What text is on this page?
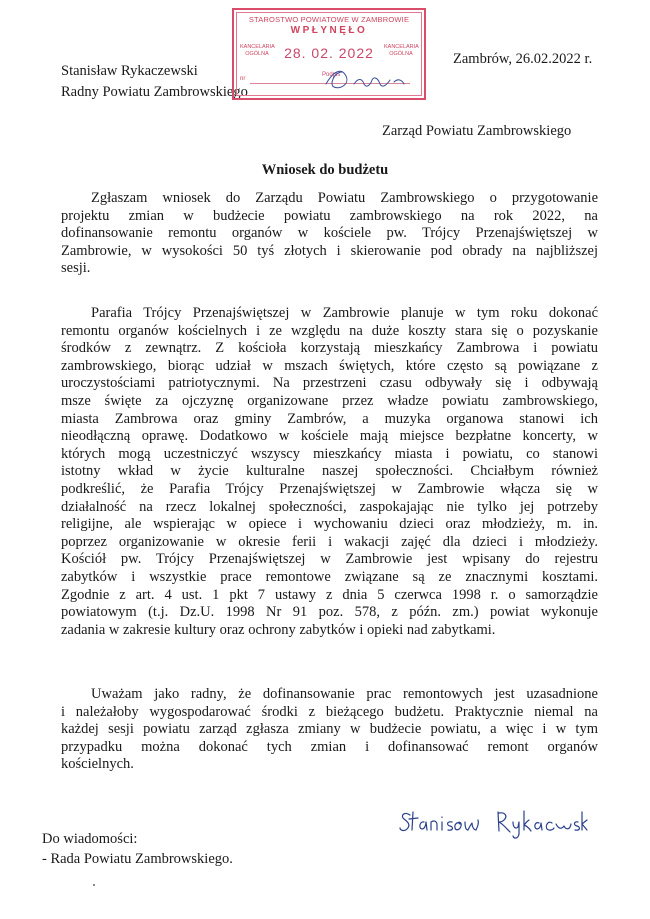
Stanisław Rykaczewski
Radny Powiatu Zambrowskiego
Zambrów, 26.02.2022 r.
Zarząd Powiatu Zambrowskiego
Wniosek do budżetu
Zgłaszam wniosek do Zarządu Powiatu Zambrowskiego o przygotowanie
projektu zmian w budżecie powiatu zambrowskiego na rok 2022, na
dofinansowanie remontu organów w kościele pw. Trójcy Przenajświętszej w
Zambrowie, w wysokości 50 tyś złotych i skierowanie pod obrady na najbliższej
sesji.
Parafia Trójcy Przenajświętszej w Zambrowie planuje w tym roku dokonać
remontu organów kościelnych i ze względu na duże koszty stara się o pozyskanie
środków z zewnątrz. Z kościoła korzystają mieszkańcy Zambrowa i powiatu
zambrowskiego, biorąc udział w mszach świętych, które często są powiązane z
uroczystościami patriotycznymi. Na przestrzeni czasu odbywały się i odbywają
msze święte za ojczyznę organizowane przez władze powiatu zambrowskiego,
miasta Zambrowa oraz gminy Zambrów, a muzyka organowa stanowi ich
nieodłączną oprawę. Dodatkowo w kościele mają miejsce bezpłatne koncerty, w
których mogą uczestniczyć wszyscy mieszkańcy miasta i powiatu, co stanowi
istotny wkład w życie kulturalne naszej społeczności. Chciałbym również
podkreślić, że Parafia Trójcy Przenajświętszej w Zambrowie włącza się w
działalność na rzecz lokalnej społeczności, zaspokajając nie tylko jej potrzeby
religijne, ale wspierając w opiece i wychowaniu dzieci oraz młodzieży, m. in.
poprzez organizowanie w okresie ferii i wakacji zajęć dla dzieci i młodzieży.
Kościół pw. Trójcy Przenajświętszej w Zambrowie jest wpisany do rejestru
zabytków i wszystkie prace remontowe związane są ze znacznymi kosztami.
Zgodnie z art. 4 ust. 1 pkt 7 ustawy z dnia 5 czerwca 1998 r. o samorządzie
powiatowym (t.j. Dz.U. 1998 Nr 91 poz. 578, z późn. zm.) powiat wykonuje
zadania w zakresie kultury oraz ochrony zabytków i opieki nad zabytkami.
Uważam jako radny, że dofinansowanie prac remontowych jest uzasadnione
i należałoby wygospodarować środki z bieżącego budżetu. Praktycznie niemal na
każdej sesji powiatu zarząd zgłasza zmiany w budżecie powiatu, a więc i w tym
przypadku można dokonać tych zmian i dofinansować remont organów
kościelnych.
Do wiadomości:
- Rada Powiatu Zambrowskiego.
STAROSTWO POWIATOWE W ZAMBROWIE
WPŁYNĘŁO
KANCELARIA OGÓLNA	28. 02. 2022	KANCELARIA OGÓLNA
nr
Podpis
